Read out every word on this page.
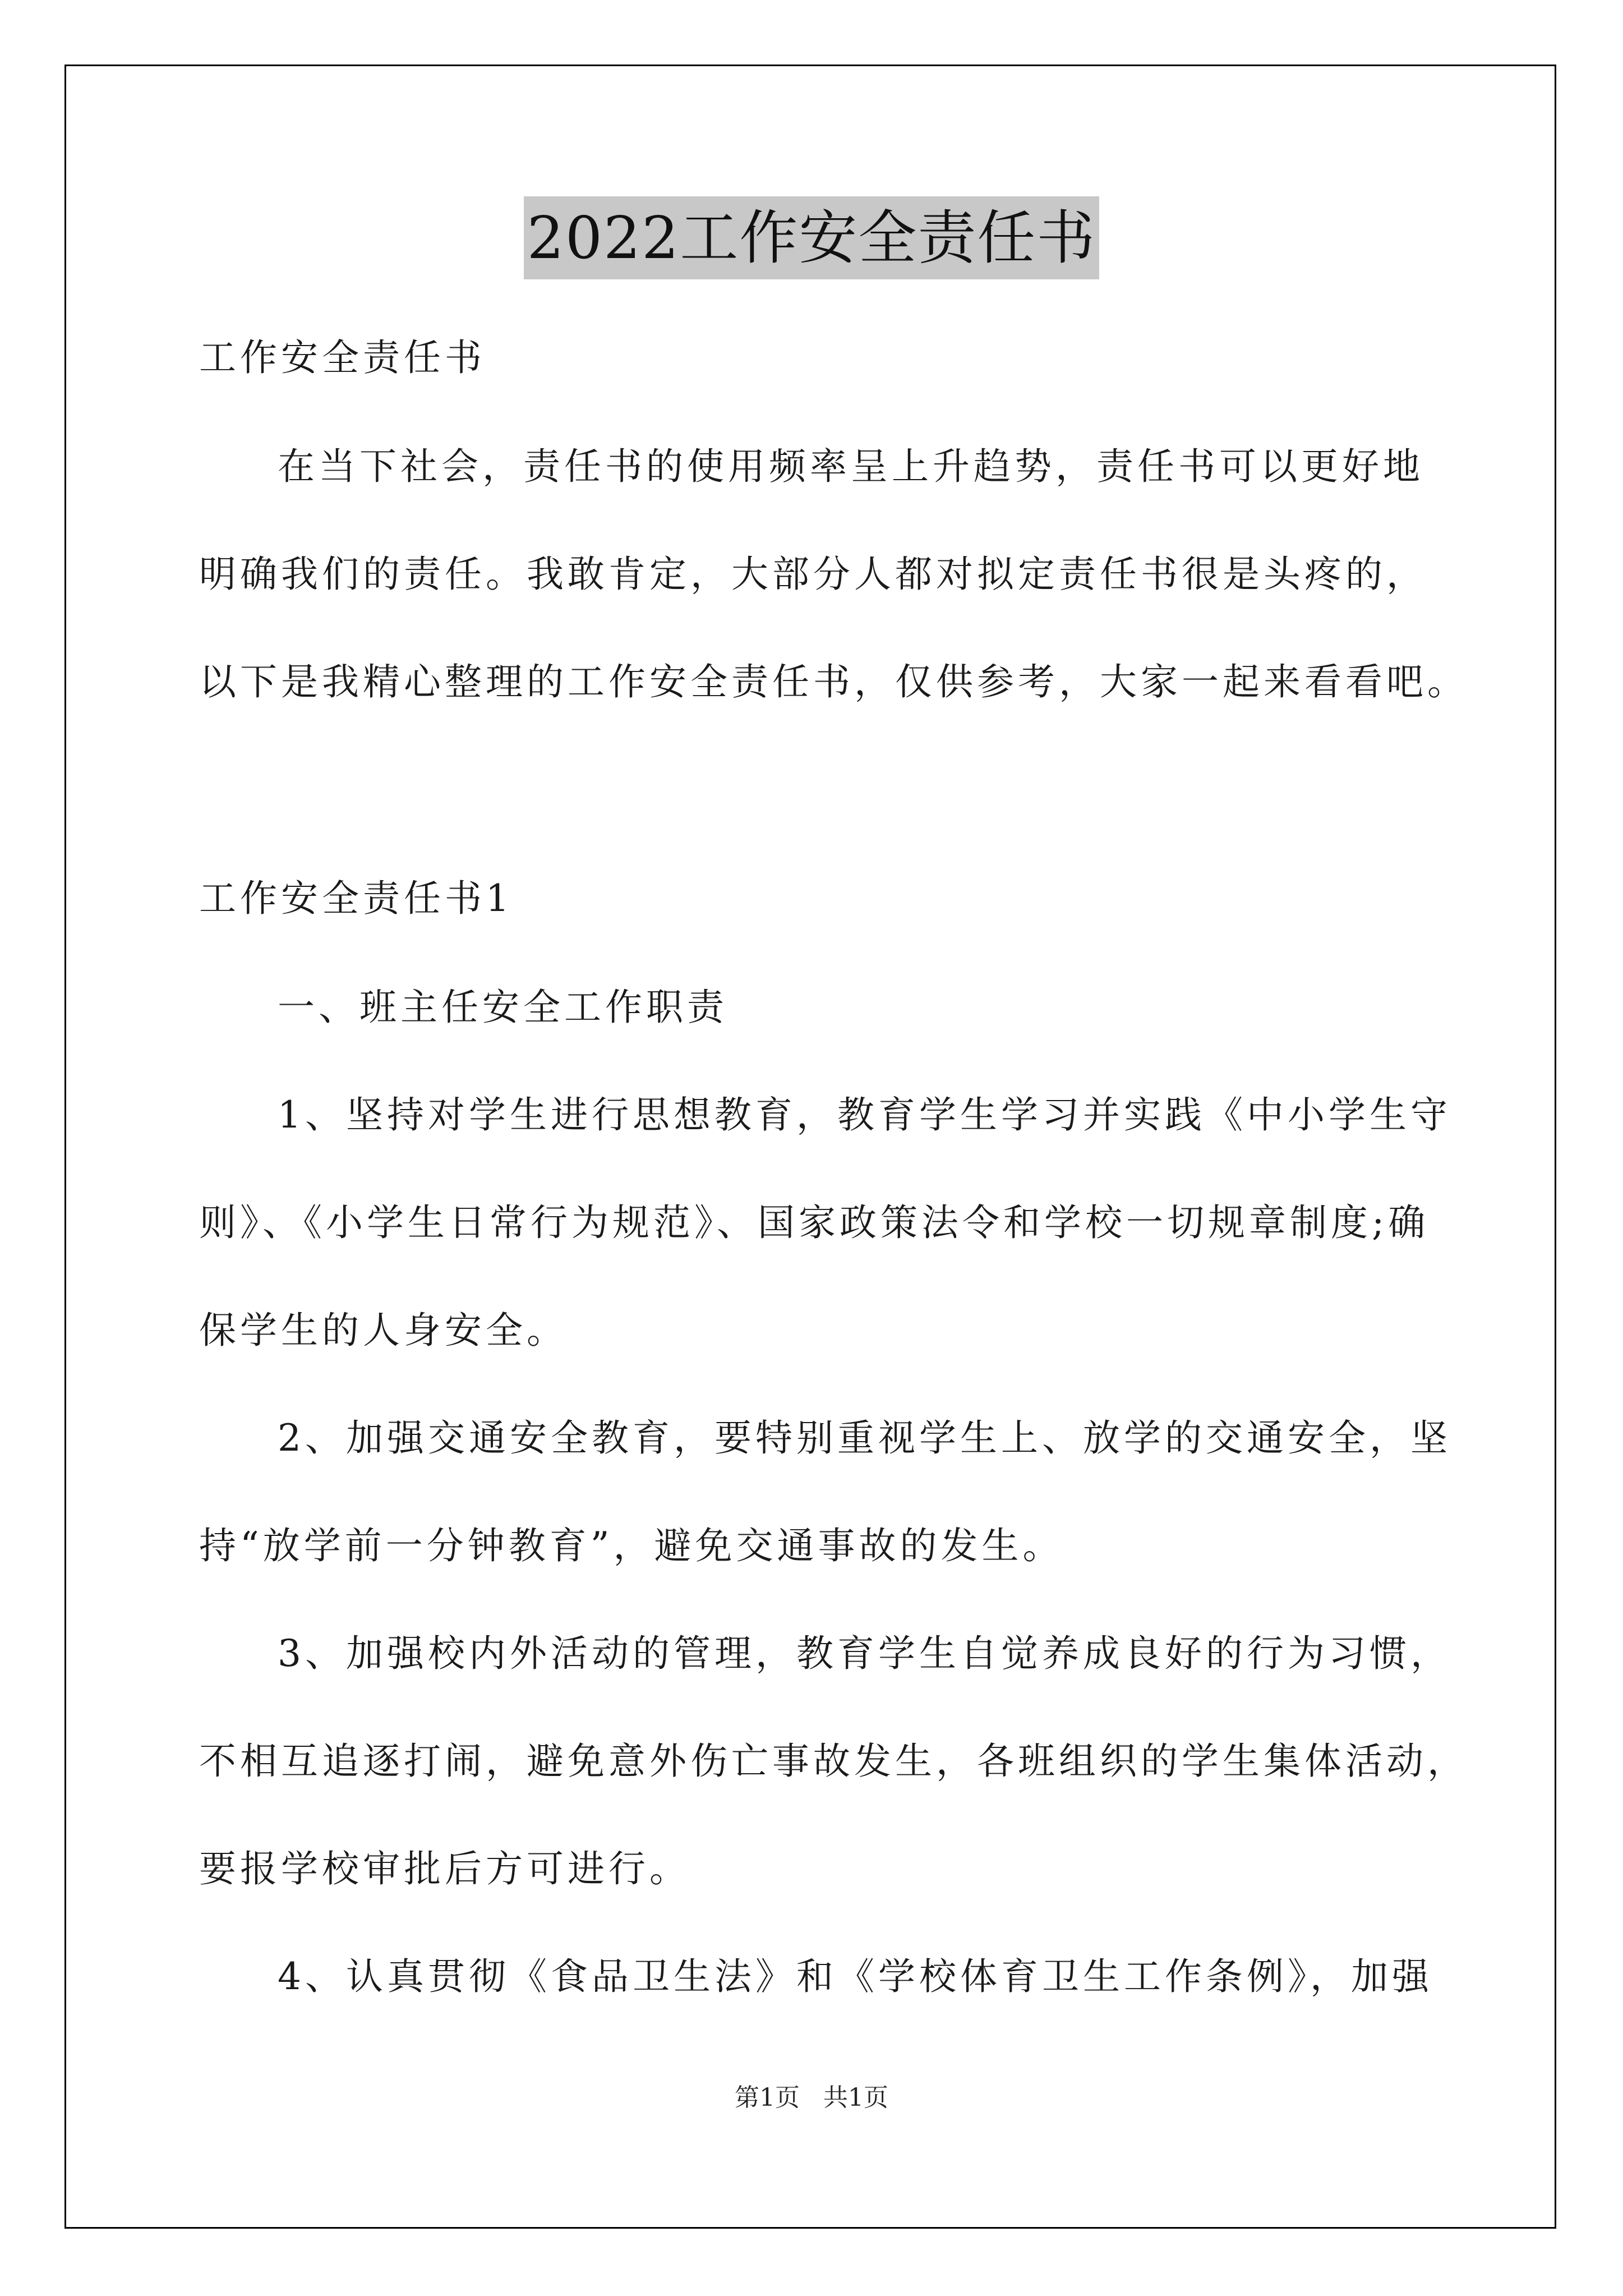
2022工作安全责任书

工作安全责任书

在当下社会，责任书的使用频率呈上升趋势，责任书可以更好地

明确我们的责任。我敢肯定，大部分人都对拟定责任书很是头疼的，

以下是我精心整理的工作安全责任书，仅供参考，大家一起来看看吧。

工作安全责任书1

一、班主任安全工作职责

1、坚持对学生进行思想教育，教育学生学习并实践《中小学生守

则》、《小学生日常行为规范》、国家政策法令和学校一切规章制度;确

保学生的人身安全。

2、加强交通安全教育，要特别重视学生上、放学的交通安全，坚

持“放学前一分钟教育”，避免交通事故的发生。

3、加强校内外活动的管理，教育学生自觉养成良好的行为习惯，

不相互追逐打闹，避免意外伤亡事故发生，各班组织的学生集体活动，

要报学校审批后方可进行。

4、认真贯彻《食品卫生法》和《学校体育卫生工作条例》，加强

第1页   共1页
